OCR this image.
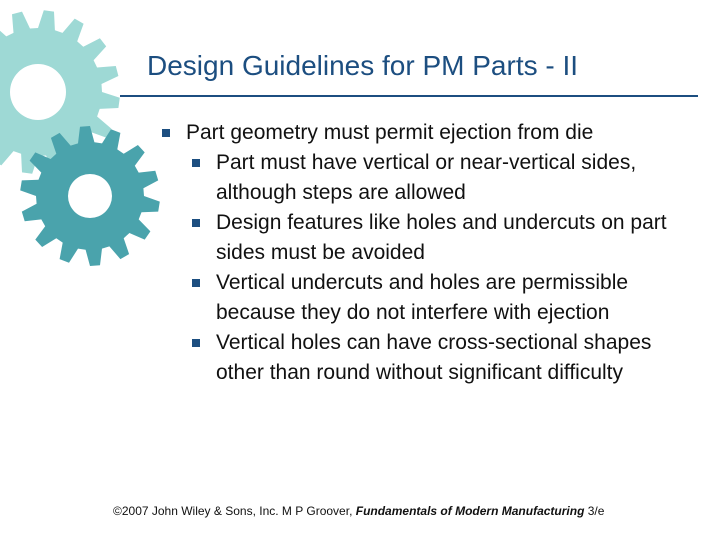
Design Guidelines for PM Parts - II
Part geometry must permit ejection from die
Part must have vertical or near‑vertical sides, although steps are allowed
Design features like holes and undercuts on part sides must be avoided
Vertical undercuts and holes are permissible because they do not interfere with ejection
Vertical holes can have cross‑sectional shapes other than round without significant difficulty
©2007 John Wiley & Sons, Inc. M P Groover, Fundamentals of Modern Manufacturing 3/e
